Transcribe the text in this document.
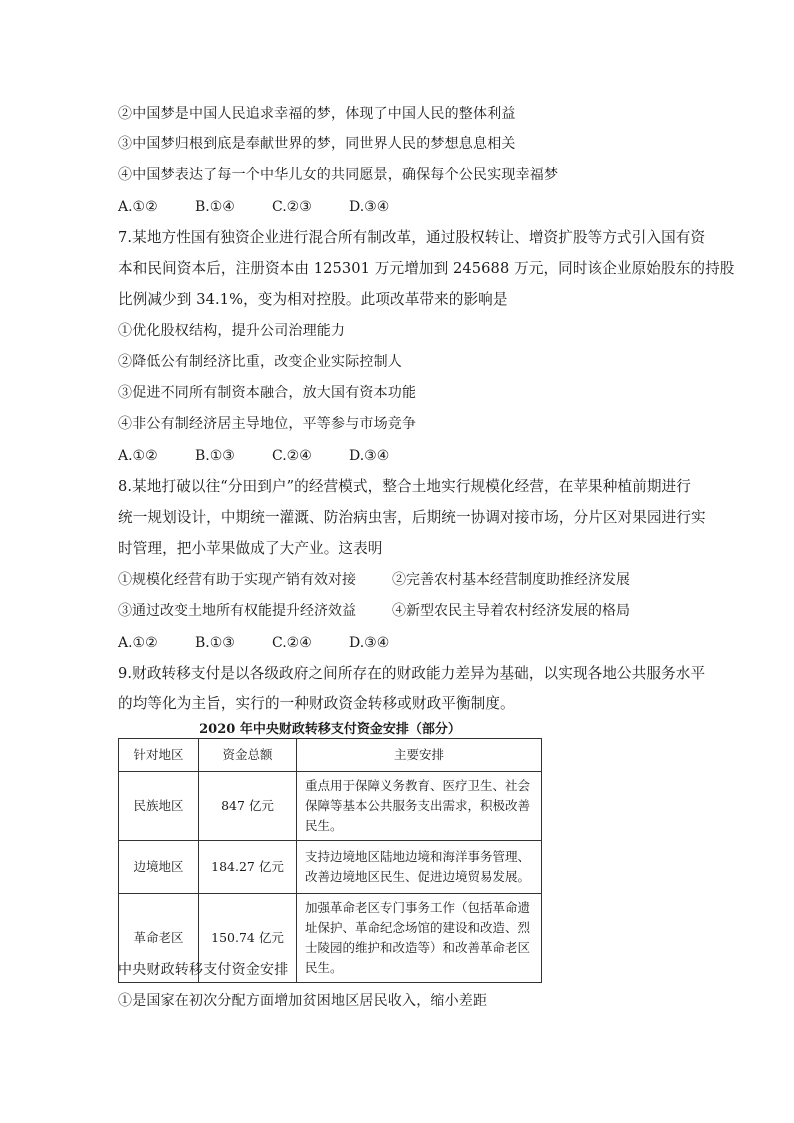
②中国梦是中国人民追求幸福的梦，体现了中国人民的整体利益
③中国梦归根到底是奉献世界的梦，同世界人民的梦想息息相关
④中国梦表达了每一个中华儿女的共同愿景，确保每个公民实现幸福梦
A.①②	B.①④	C.②③	D.③④
7.某地方性国有独资企业进行混合所有制改革，通过股权转让、增资扩股等方式引入国有资
本和民间资本后，注册资本由 125301 万元增加到 245688 万元，同时该企业原始股东的持股
比例减少到 34.1%，变为相对控股。此项改革带来的影响是
①优化股权结构，提升公司治理能力
②降低公有制经济比重，改变企业实际控制人
③促进不同所有制资本融合，放大国有资本功能
④非公有制经济居主导地位，平等参与市场竞争
A.①②	B.①③	C.②④	D.③④
8.某地打破以往“分田到户”的经营模式，整合土地实行规模化经营，在苹果种植前期进行
统一规划设计，中期统一灌溉、防治病虫害，后期统一协调对接市场，分片区对果园进行实
时管理，把小苹果做成了大产业。这表明
①规模化经营有助于实现产销有效对接	②完善农村基本经营制度助推经济发展
③通过改变土地所有权能提升经济效益	④新型农民主导着农村经济发展的格局
A.①②	B.①③	C.②④	D.③④
9.财政转移支付是以各级政府之间所存在的财政能力差异为基础，以实现各地公共服务水平
的均等化为主旨，实行的一种财政资金转移或财政平衡制度。
2020 年中央财政转移支付资金安排（部分）
针对地区	资金总额	主要安排
民族地区	847 亿元	重点用于保障义务教育、医疗卫生、社会保障等基本公共服务支出需求，积极改善民生。
边境地区	184.27 亿元	支持边境地区陆地边境和海洋事务管理、改善边境地区民生、促进边境贸易发展。
革命老区	150.74 亿元	加强革命老区专门事务工作（包括革命遗址保护、革命纪念场馆的建设和改造、烈士陵园的维护和改造等）和改善革命老区民生。
中央财政转移支付资金安排
①是国家在初次分配方面增加贫困地区居民收入，缩小差距
